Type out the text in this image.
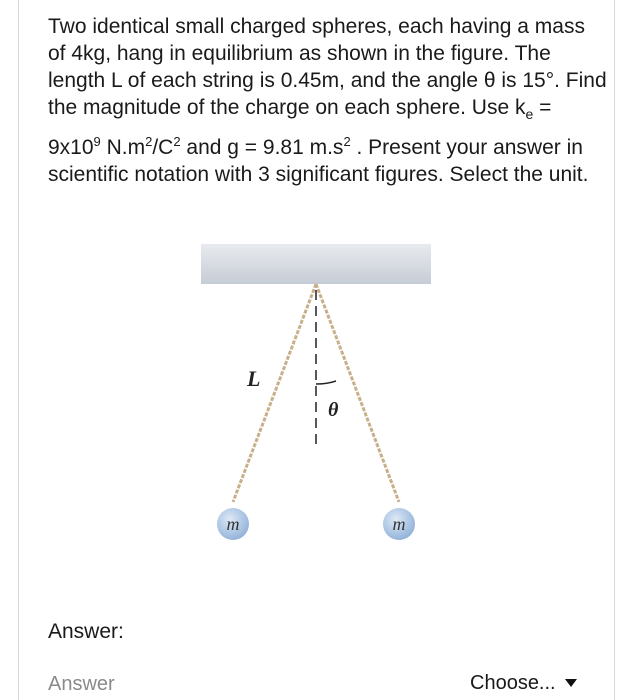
Two identical small charged spheres, each having a mass of 4kg, hang in equilibrium as shown in the figure. The length L of each string is 0.45m, and the angle θ is 15°. Find the magnitude of the charge on each sphere. Use $k_e = 9x10^9$ $N.m^2/C^2$ and g = 9.81 $m.s^2$ . Present your answer in scientific notation with 3 significant figures. Select the unit.

L
θ
m	m
Answer:
Answer
Choose...
